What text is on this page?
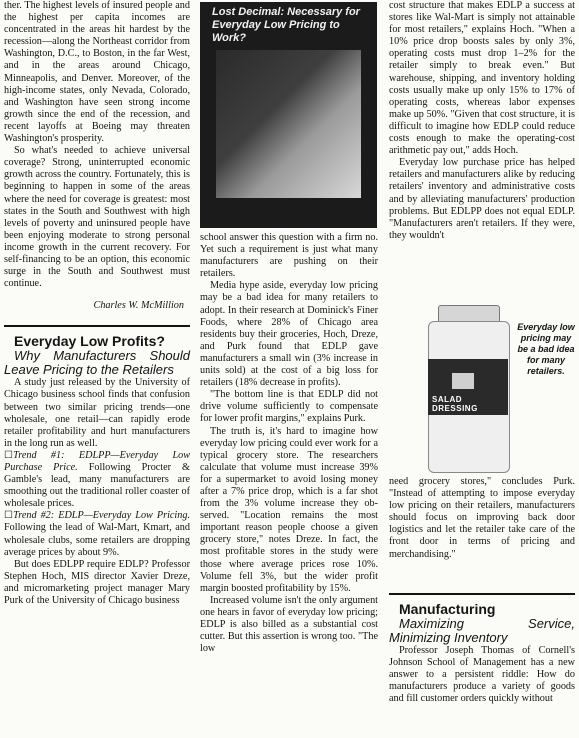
ther. The highest levels of insured people and the highest per capita incomes are concentrated in the areas hit hardest by the recession—along the Northeast corridor from Washington, D.C., to Boston, in the far West, and in the areas around Chicago, Minneapolis, and Denver. Moreover, of the high-income states, only Nevada, Colorado, and Washington have seen strong income growth since the end of the recession, and recent layoffs at Boeing may threaten Washington's prosperity.

So what's needed to achieve universal coverage? Strong, uninterrupted economic growth across the country. Fortunately, this is beginning to happen in some of the areas where the need for coverage is greatest: most states in the South and Southwest with high levels of poverty and uninsured people have been enjoying moderate to strong personal income growth in the current recovery. For self-financing to be an option, this economic surge in the South and Southwest must continue.

Charles W. McMillion

Everyday Low Profits?

Why Manufacturers Should Leave Pricing to the Retailers

A study just released by the University of Chicago business school finds that confusion between two similar pricing trends—one wholesale, one retail—can rapidly erode retailer profitability and hurt manufacturers in the long run as well.

☐Trend #1: EDLPP—Everyday Low Purchase Price. Following Procter & Gamble's lead, many manufacturers are smoothing out the traditional roller coaster of wholesale prices.

☐Trend #2: EDLP—Everyday Low Pricing. Following the lead of Wal-Mart, Kmart, and wholesale clubs, some retailers are dropping average prices by about 9%.

But does EDLPP require EDLP? Professor Stephen Hoch, MIS director Xavier Dreze, and micromarketing project manager Mary Purk of the University of Chicago business

Lost Decimal: Necessary for Everyday Low Pricing to Work?

school answer this question with a firm no. Yet such a requirement is just what many manufacturers are pushing on their retailers.

Media hype aside, everyday low pricing may be a bad idea for many retailers to adopt. In their research at Dominick's Finer Foods, where 28% of Chicago area residents buy their groceries, Hoch, Dreze, and Purk found that EDLP gave manufacturers a small win (3% increase in units sold) at the cost of a big loss for retailers (18% decrease in profits).

"The bottom line is that EDLP did not drive volume sufficiently to compensate for lower profit margins," explains Purk.

The truth is, it's hard to imagine how everyday low pricing could ever work for a typical grocery store. The researchers calculate that volume must increase 39% for a supermarket to avoid losing money after a 7% price drop, which is a far shot from the 3% volume increase they observed. "Location remains the most important reason people choose a given grocery store," notes Dreze. In fact, the most profitable stores in the study were those where average prices rose 10%. Volume fell 3%, but the wider profit margin boosted profitability by 15%.

Increased volume isn't the only argument one hears in favor of everyday low pricing; EDLP is also billed as a substantial cost cutter. But this assertion is wrong too. "The low

cost structure that makes EDLP a success at stores like Wal-Mart is simply not attainable for most retailers," explains Hoch. "When a 10% price drop boosts sales by only 3%, operating costs must drop 1–2% for the retailer simply to break even." But warehouse, shipping, and inventory holding costs usually make up only 15% to 17% of operating costs, whereas labor expenses make up 50%. "Given that cost structure, it is difficult to imagine how EDLP could reduce costs enough to make the operating-cost arithmetic pay out," adds Hoch.

Everyday low purchase price has helped retailers and manufacturers alike by reducing retailers' inventory and administrative costs and by alleviating manufacturers' production problems. But EDLPP does not equal EDLP. "Manufacturers aren't retailers. If they were, they wouldn't

SALAD DRESSING
Everyday low pricing may be a bad idea for many retailers.

need grocery stores," concludes Purk. "Instead of attempting to impose everyday low pricing on their retailers, manufacturers should focus on improving back door logistics and let the retailer take care of the front door in terms of pricing and merchandising."

Manufacturing

Maximizing Service, Minimizing Inventory

Professor Joseph Thomas of Cornell's Johnson School of Management has a new answer to a persistent riddle: How do manufacturers produce a variety of goods and fill customer orders quickly without
